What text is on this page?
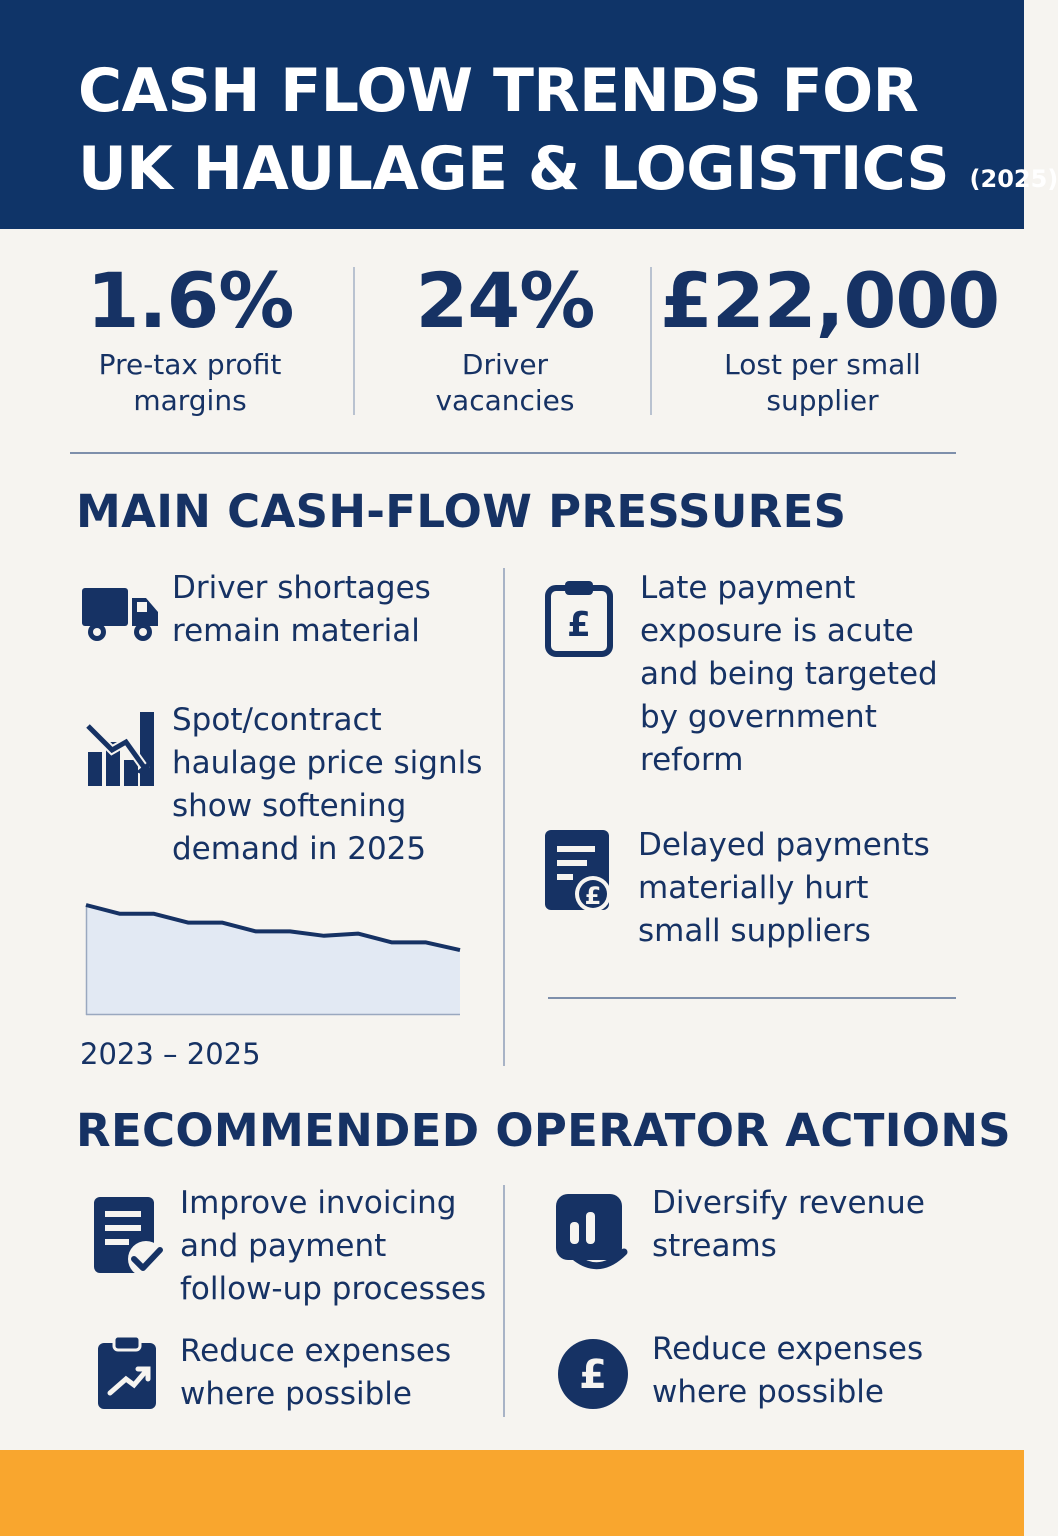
CASH FLOW TRENDS FOR
UK HAULAGE & LOGISTICS (2025)
1.6%
Pre-tax profit
margins
24%
Driver
vacancies
£22,000
Lost per small
supplier
MAIN CASH-FLOW PRESSURES
Driver shortages
remain material
Spot/contract
haulage price signls
show softening
demand in 2025
2023 – 2025
£
Late payment
exposure is acute
and being targeted
by government
reform
£
Delayed payments
materially hurt
small suppliers
RECOMMENDED OPERATOR ACTIONS
Improve invoicing
and payment
follow-up processes
Reduce expenses
where possible
Diversify revenue
streams
£
Reduce expenses
where possible
